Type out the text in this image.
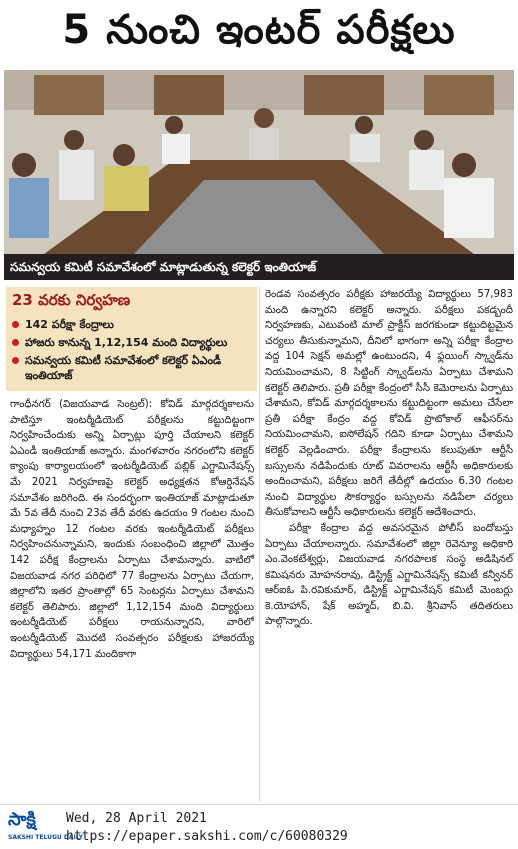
5 నుంచి ఇంటర్ పరీక్షలు
సమన్వయ కమిటీ సమావేశంలో మాట్లాడుతున్న కలెక్టర్ ఇంతియాజ్
23 వరకు నిర్వహణ
142 పరీక్షా కేంద్రాలు
హాజరు కానున్న 1,12,154 మంది విద్యార్థులు
సమన్వయ కమిటీ సమావేశంలో కలెక్టర్ ఏఎండీ ఇంతియాజ్

గాంధీనగర్ (విజయవాడ సెంట్రల్): కోవిడ్ మార్గదర్శకాలను పాటిస్తూ ఇంటర్మీడియెట్ పరీక్షలను కట్టుదిట్టంగా నిర్వహించేందుకు అన్ని ఏర్పాట్లు పూర్తి చేయాలని కలెక్టర్ ఏఎండీ ఇంతియాజ్ అన్నారు. మంగళవారం నగరంలోని కలెక్టర్ క్యాంపు కార్యాలయంలో ఇంటర్మీడియెట్ పబ్లిక్ ఎగ్జామినేషన్స్ మే 2021 నిర్వహణపై కలెక్టర్ అధ్యక్షతన కోఆర్డినేషన్ సమావేశం జరిగింది. ఈ సందర్భంగా ఇంతియాజ్ మాట్లాడుతూ మే 5వ తేదీ నుంచి 23వ తేదీ వరకు ఉదయం 9 గంటల నుంచి మధ్యాహ్నం 12 గంటల వరకు ఇంటర్మీడియెట్ పరీక్షలు నిర్వహించనున్నామని, ఇందుకు సంబంధించి జిల్లాలో మొత్తం 142 పరీక్ష కేంద్రాలను ఏర్పాటు చేశామన్నారు. వాటిలో విజయవాడ నగర పరిధిలో 77 కేంద్రాలను ఏర్పాటు చేయగా, జిల్లాలోని ఇతర ప్రాంతాల్లో 65 సెంటర్లను ఏర్పాటు చేశామని కలెక్టర్ తెలిపారు. జిల్లాలో 1,12,154 మంది విద్యార్థులు ఇంటర్మీడియెట్ పరీక్షలు రాయనున్నారని, వారిలో ఇంటర్మీడియెట్ మొదటి సంవత్సరం పరీక్షలకు హాజరయ్యే విద్యార్థులు 54,171 మందికాగా

రెండవ సంవత్సరం పరీక్షకు హాజరయ్యే విద్యార్థులు 57,983 మంది ఉన్నారని కలెక్టర్ అన్నారు. పరీక్షలు పకడ్బందీ నిర్వహణకు, ఎటువంటి మాల్ ప్రాక్టీస్ జరగకుండా కట్టుదిట్టమైన చర్యలు తీసుకున్నామని, దీనిలో భాగంగా అన్ని పరీక్షా కేంద్రాల వద్ద 104 సెక్షన్ అమల్లో ఉంటుందని, 4 ఫ్లయింగ్ స్క్వాడ్‌ను నియమించామని, 8 సిట్టింగ్ స్క్వాడ్‌లను ఏర్పాటు చేశామని కలెక్టర్ తెలిపారు. ప్రతీ పరీక్షా కేంద్రంలో సీసీ కెమెరాలను ఏర్పాటు చేశామని, కోవిడ్ మార్గదర్శకాలను కట్టుదిట్టంగా అమలు చేసేలా ప్రతీ పరీక్షా కేంద్రం వద్ద కోవిడ్ ప్రొటోకాల్ ఆఫీసర్‌ను నియమించామని, ఐసోలేషన్ గదిని కూడా ఏర్పాటు చేశామని కలెక్టర్ వెల్లడించారు. పరీక్షా కేంద్రాలను కలుపుతూ ఆర్టీసీ బస్సులను నడిపేందుకు రూట్ వివరాలను ఆర్టీసీ అధికారులకు అందించామని, పరీక్షలు జరిగే తేదీల్లో ఉదయం 6.30 గంటల నుంచి విద్యార్థుల సౌకర్యార్థం బస్సులను నడిపేలా చర్యలు తీసుకోవాలని ఆర్టీసీ అధికారులను కలెక్టర్ ఆదేశించారు.

పరీక్షా కేంద్రాల వద్ద అవసరమైన పోలీస్ బందోబస్తు ఏర్పాటు చేయాలన్నారు. సమావేశంలో జిల్లా రెవెన్యూ అధికారి ఎం.వెంకటేశ్వర్లు, విజయవాడ నగరపాలక సంస్థ అడిషినల్ కమిషనరు మోహనరావు, డిస్ట్రిక్ట్ ఎగ్జామినేషన్స్ కమిటీ కన్వీనర్ ఆర్ఐఓ పి.రవికుమార్, డిస్ట్రిక్ట్ ఎగ్జామినేషన్ కమిటీ మెంబర్లు కె.యోహాన్, షేక్ అహ్మద్, బి.వి. శ్రీనివాస్ తదితరులు పాల్గొన్నారు.

సాక్షి
SAKSHI TELUGU DAILY
Wed, 28 April 2021
https://epaper.sakshi.com/c/60080329
